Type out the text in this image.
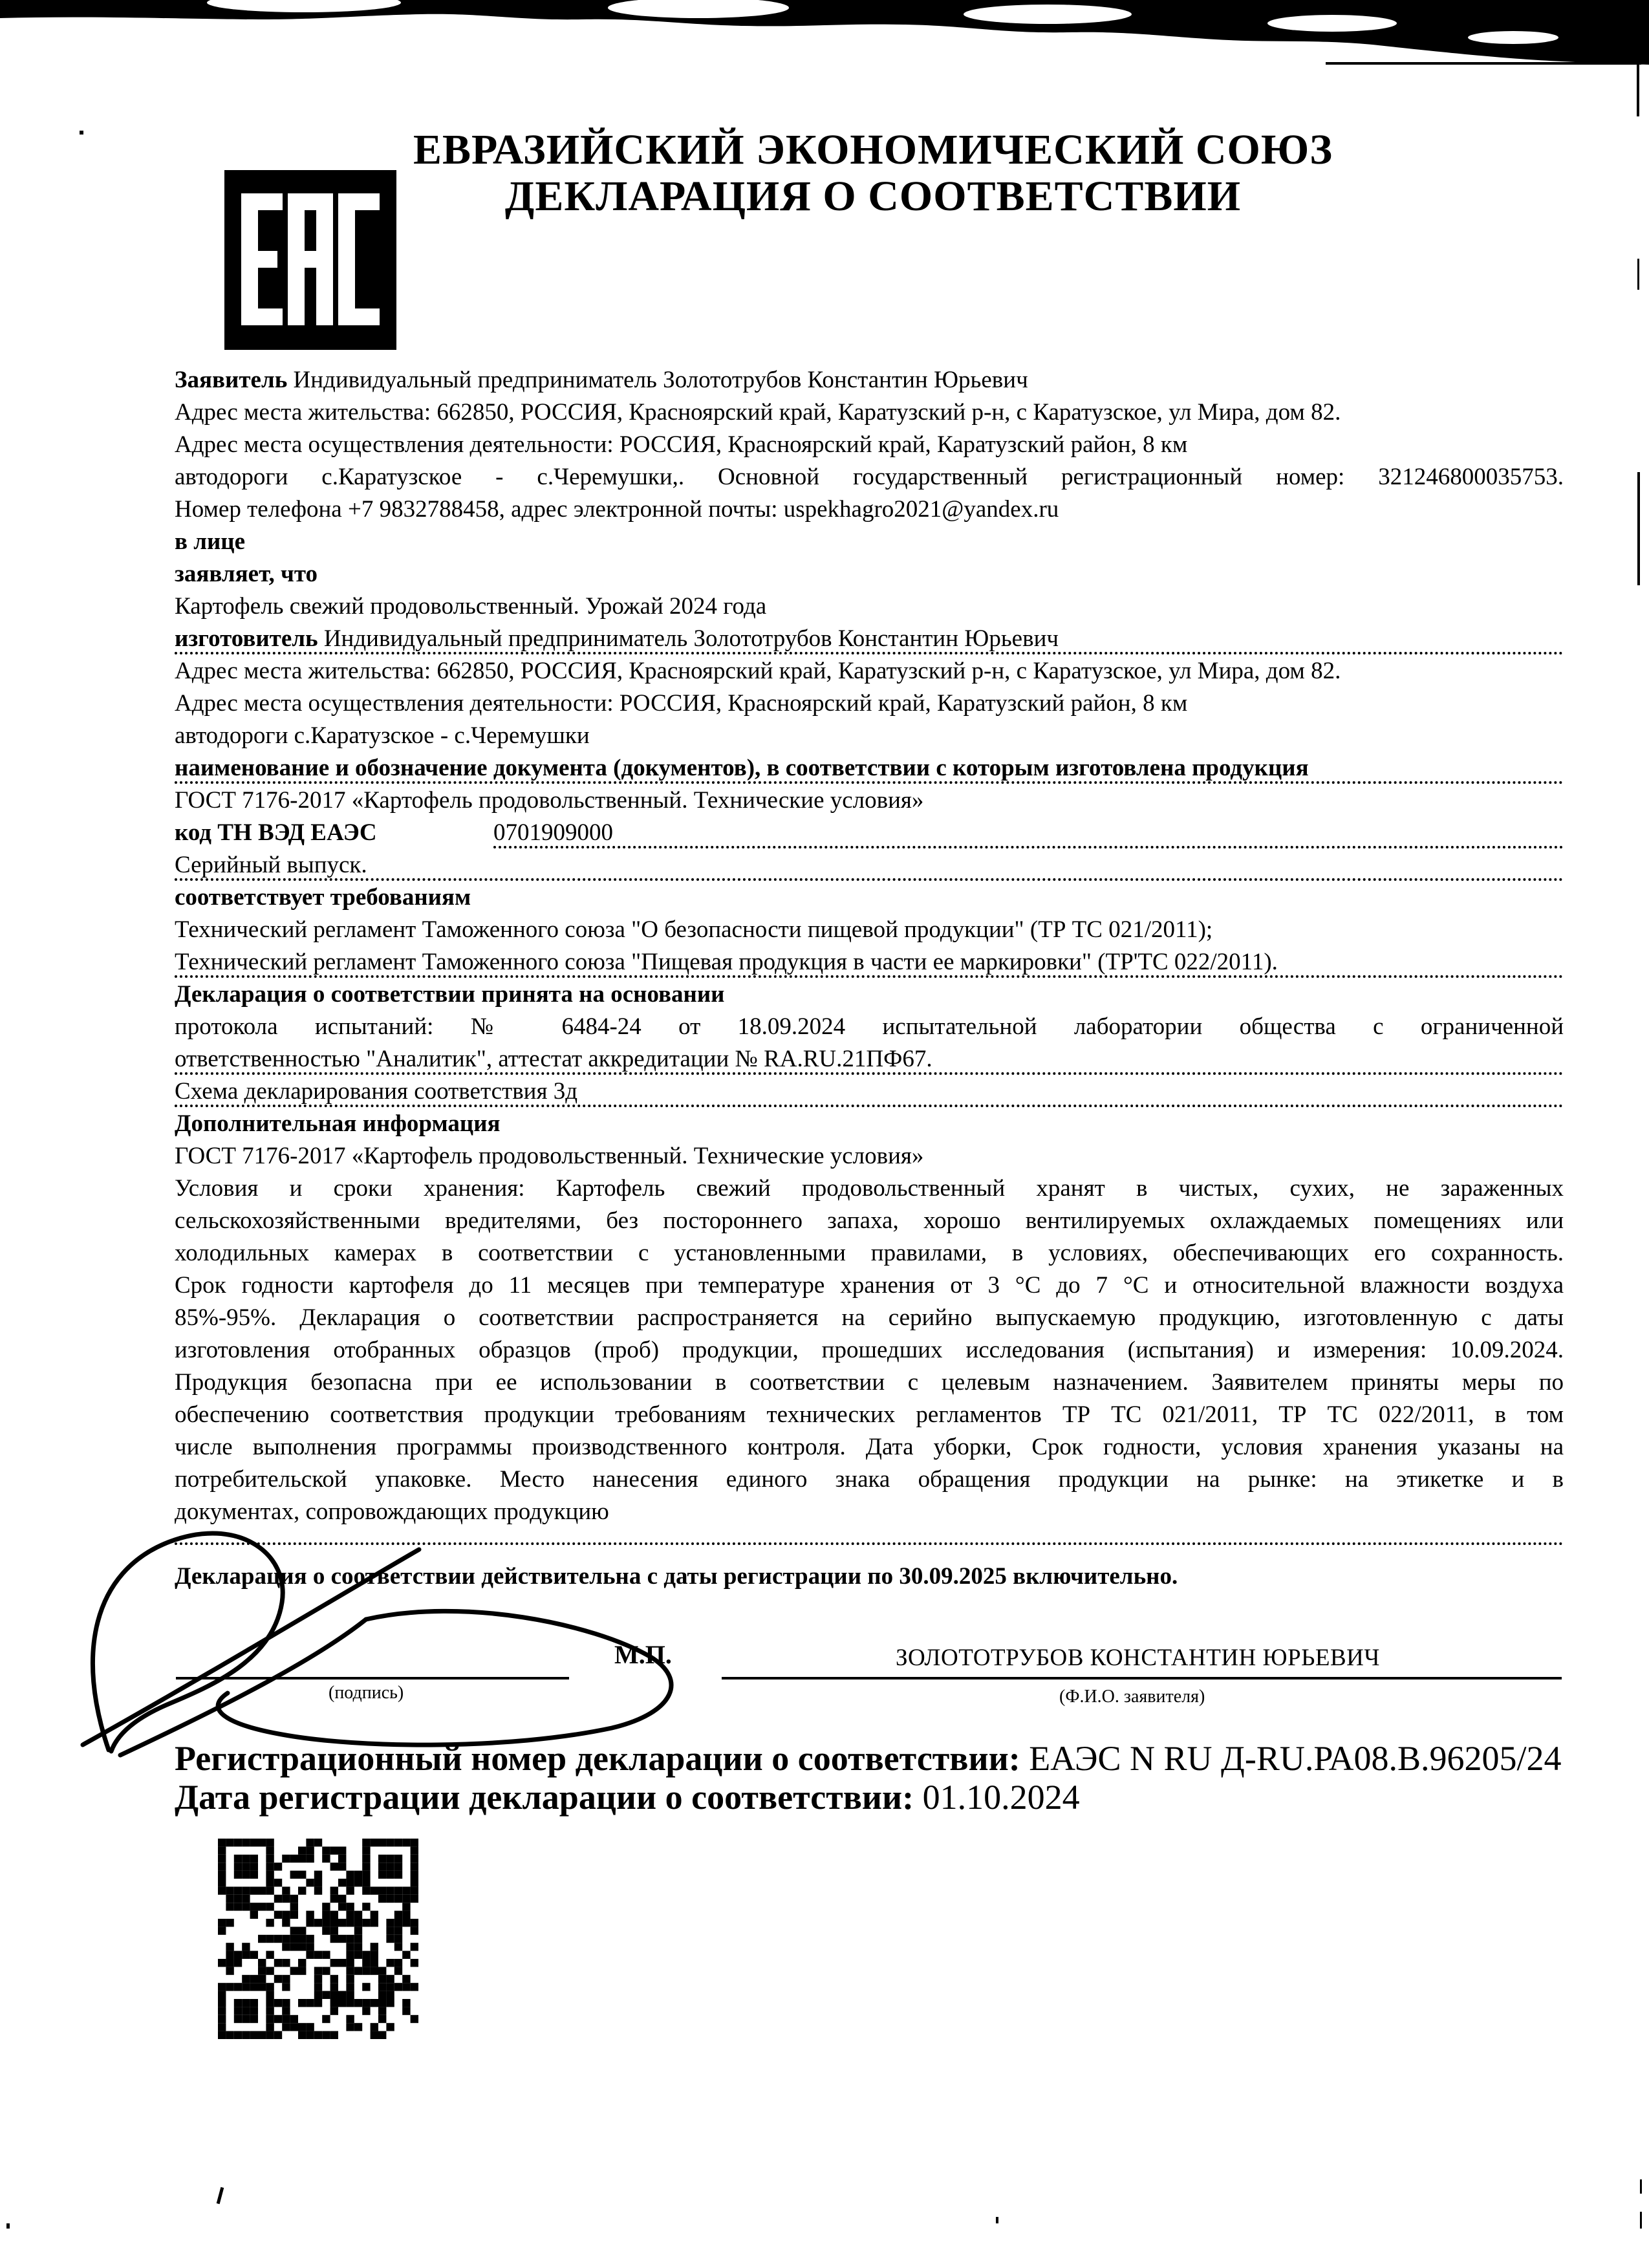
ЕВРАЗИЙСКИЙ ЭКОНОМИЧЕСКИЙ СОЮЗ
ДЕКЛАРАЦИЯ О СООТВЕТСТВИИ
Заявитель Индивидуальный предприниматель Золототрубов Константин Юрьевич
Адрес места жительства: 662850, РОССИЯ, Красноярский край, Каратузский р-н, с Каратузское, ул Мира, дом 82.
Адрес места осуществления деятельности: РОССИЯ, Красноярский край, Каратузский район, 8 км
автодороги с.Каратузское - с.Черемушки,. Основной государственный регистрационный номер: 321246800035753.
Номер телефона +7 9832788458, адрес электронной почты: uspekhagro2021@yandex.ru
в лице
заявляет, что
Картофель свежий продовольственный. Урожай 2024 года
изготовитель Индивидуальный предприниматель Золототрубов Константин Юрьевич
Адрес места жительства: 662850, РОССИЯ, Красноярский край, Каратузский р-н, с Каратузское, ул Мира, дом 82.
Адрес места осуществления деятельности: РОССИЯ, Красноярский край, Каратузский район, 8 км
автодороги с.Каратузское - с.Черемушки
наименование и обозначение документа (документов), в соответствии с которым изготовлена продукция
ГОСТ 7176-2017 «Картофель продовольственный. Технические условия»
код ТН ВЭД ЕАЭС	0701909000
Серийный выпуск.
соответствует требованиям
Технический регламент Таможенного союза "О безопасности пищевой продукции" (ТР ТС 021/2011);
Технический регламент Таможенного союза "Пищевая продукция в части ее маркировки" (ТР'ТС 022/2011).
Декларация о соответствии принята на основании
протокола испытаний: № 6484-24 от 18.09.2024 испытательной лаборатории общества с ограниченной
ответственностью "Аналитик", аттестат аккредитации № RA.RU.21ПФ67.
Схема декларирования соответствия 3д
Дополнительная информация
ГОСТ 7176-2017 «Картофель продовольственный. Технические условия»
Условия и сроки хранения: Картофель свежий продовольственный хранят в чистых, сухих, не зараженных
сельскохозяйственными вредителями, без постороннего запаха, хорошо вентилируемых охлаждаемых помещениях или
холодильных камерах в соответствии с установленными правилами, в условиях, обеспечивающих его сохранность.
Срок годности картофеля до 11 месяцев при температуре хранения от 3 °С до 7 °С и относительной влажности воздуха
85%-95%. Декларация о соответствии распространяется на серийно выпускаемую продукцию, изготовленную с даты
изготовления отобранных образцов (проб) продукции, прошедших исследования (испытания) и измерения: 10.09.2024.
Продукция безопасна при ее использовании в соответствии с целевым назначением. Заявителем приняты меры по
обеспечению соответствия продукции требованиям технических регламентов ТР ТС 021/2011, ТР ТС 022/2011, в том
числе выполнения программы производственного контроля. Дата уборки, Срок годности, условия хранения указаны на
потребительской упаковке. Место нанесения единого знака обращения продукции на рынке: на этикетке и в
документах, сопровождающих продукцию
Декларация о соответствии действительна с даты регистрации по 30.09.2025 включительно.
М.П.	ЗОЛОТОТРУБОВ КОНСТАНТИН ЮРЬЕВИЧ
(подпись)	(Ф.И.О. заявителя)
Регистрационный номер декларации о соответствии: ЕАЭС N RU Д-RU.РА08.В.96205/24
Дата регистрации декларации о соответствии: 01.10.2024
